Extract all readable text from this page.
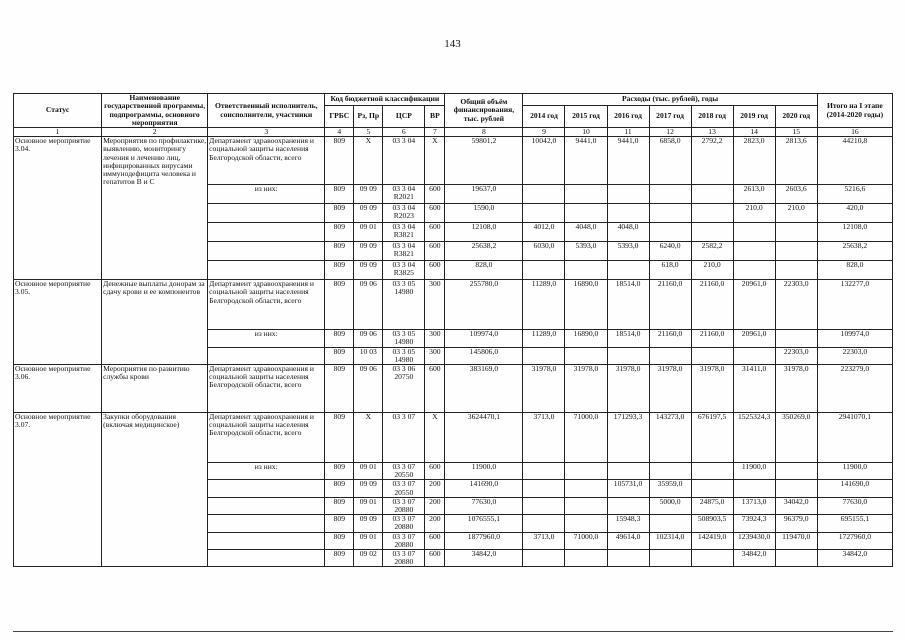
143
Статус	Наименование государственной программы, подпрограммы, основного мероприятия	Ответственный исполнитель, соисполнители, участники	Код бюджетной классификации				Общий объём финансирования, тыс. рублей	Расходы (тыс. рублей), годы							Итого на I этапе (2014-2020 годы)
			ГРБС	Рз, Пр	ЦСР	ВР		2014 год	2015 год	2016 год	2017 год	2018 год	2019 год	2020 год	
1	2	3	4	5	6	7	8	9	10	11	12	13	14	15	16
Основное мероприятие 3.04.	Мероприятия по профилактике, выявлению, мониторингу лечения и лечению лиц, инфицированных вирусами иммунодефицита человека и гепатитов В и С	Департамент здравоохранения и социальной защиты населения Белгородской области, всего	809	Х	03 3 04	Х	59801,2	10042,0	9441,0	9441,0	6858,0	2792,2	2823,0	2813,6	44210,8
		из них:	809	09 09	03 3 04 R2021	600	19637,0						2613,0	2603,6	5216,6
			809	09 09	03 3 04 R2023	600	1590,0						210,0	210,0	420,0
			809	09 01	03 3 04 R3821	600	12108,0	4012,0	4048,0	4048,0					12108,0
			809	09 09	03 3 04 R3821	600	25638,2	6030,0	5393,0	5393,0	6240,0	2582,2			25638,2
			809	09 09	03 3 04 R3825	600	828,0				618,0	210,0			828,0
Основное мероприятие 3.05.	Денежные выплаты донорам за сдачу крови и ее компонентов	Департамент здравоохранения и социальной защиты населения Белгородской области, всего	809	09 06	03 3 05 14980	300	255780,0	11289,0	16890,0	18514,0	21160,0	21160,0	20961,0	22303,0	132277,0
		из них:	809	09 06	03 3 05 14980	300	109974,0	11289,0	16890,0	18514,0	21160,0	21160,0	20961,0		109974,0
			809	10 03	03 3 05 14980	300	145806,0							22303,0	22303,0
Основное мероприятие 3.06.	Мероприятия по развитию службы крови	Департамент здравоохранения и социальной защиты населения Белгородской области, всего	809	09 06	03 3 06 20750	600	383169,0	31978,0	31978,0	31978,0	31978,0	31978,0	31411,0	31978,0	223279,0
Основное мероприятие 3.07.	Закупки оборудования (включая медицинское)	Департамент здравоохранения и социальной защиты населения Белгородской области, всего	809	Х	03 3 07	Х	3624470,1	3713,0	71000,0	171293,3	143273,0	676197,5	1525324,3	350269,0	2941070,1
		из них:	809	09 01	03 3 07 20550	600	11900,0						11900,0		11900,0
			809	09 09	03 3 07 20550	200	141690,0			105731,0	35959,0				141690,0
			809	09 01	03 3 07 20880	200	77630,0				5000,0	24875,0	13713,0	34042,0	77630,0
			809	09 09	03 3 07 20880	200	1076555,1			15948,3		508903,5	73924,3	96379,0	695155,1
			809	09 01	03 3 07 20880	600	1877960,0	3713,0	71000,0	49614,0	102314,0	142419,0	1239430,0	119470,0	1727960,0
			809	09 02	03 3 07 20880	600	34842,0						34842,0		34842,0
